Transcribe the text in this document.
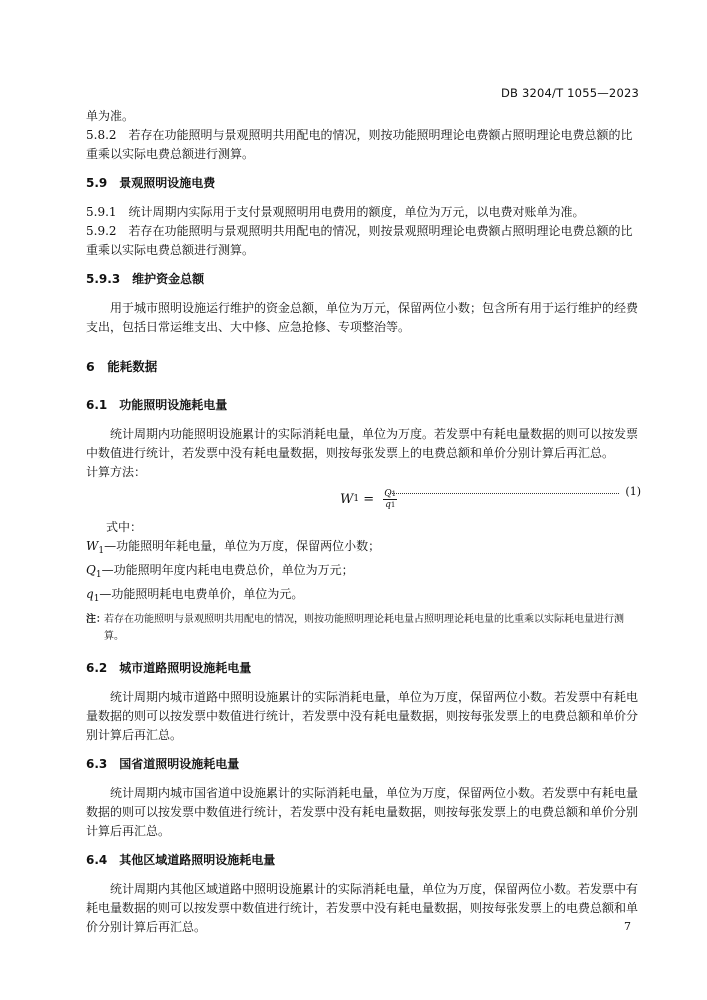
DB 3204/T 1055—2023

单为准。

5.8.2　若存在功能照明与景观照明共用配电的情况，则按功能照明理论电费额占照明理论电费总额的比重乘以实际电费总额进行测算。

5.9　景观照明设施电费

5.9.1　统计周期内实际用于支付景观照明用电费用的额度，单位为万元，以电费对账单为准。

5.9.2　若存在功能照明与景观照明共用配电的情况，则按景观照明理论电费额占照明理论电费总额的比重乘以实际电费总额进行测算。

5.9.3　维护资金总额

用于城市照明设施运行维护的资金总额，单位为万元，保留两位小数；包含所有用于运行维护的经费支出，包括日常运维支出、大中修、应急抢修、专项整治等。

6　能耗数据

6.1　功能照明设施耗电量

统计周期内功能照明设施累计的实际消耗电量，单位为万度。若发票中有耗电量数据的则可以按发票中数值进行统计，若发票中没有耗电量数据，则按每张发票上的电费总额和单价分别计算后再汇总。

计算方法：

W $1 = \frac{Q1}{q1}$	(1)

式中：

$W_1—$功能照明年耗电量，单位为万度，保留两位小数；

$Q_1—$功能照明年度内耗电电费总价，单位为万元；

$q_1—$功能照明耗电电费单价，单位为元。

注：
若存在功能照明与景观照明共用配电的情况，则按功能照明理论耗电量占照明理论耗电量的比重乘以实际耗电量进行测算。

6.2　城市道路照明设施耗电量

统计周期内城市道路中照明设施累计的实际消耗电量，单位为万度，保留两位小数。若发票中有耗电量数据的则可以按发票中数值进行统计，若发票中没有耗电量数据，则按每张发票上的电费总额和单价分别计算后再汇总。

6.3　国省道照明设施耗电量

统计周期内城市国省道中设施累计的实际消耗电量，单位为万度，保留两位小数。若发票中有耗电量数据的则可以按发票中数值进行统计，若发票中没有耗电量数据，则按每张发票上的电费总额和单价分别计算后再汇总。

6.4　其他区域道路照明设施耗电量

统计周期内其他区域道路中照明设施累计的实际消耗电量，单位为万度，保留两位小数。若发票中有耗电量数据的则可以按发票中数值进行统计，若发票中没有耗电量数据，则按每张发票上的电费总额和单价分别计算后再汇总。	7
